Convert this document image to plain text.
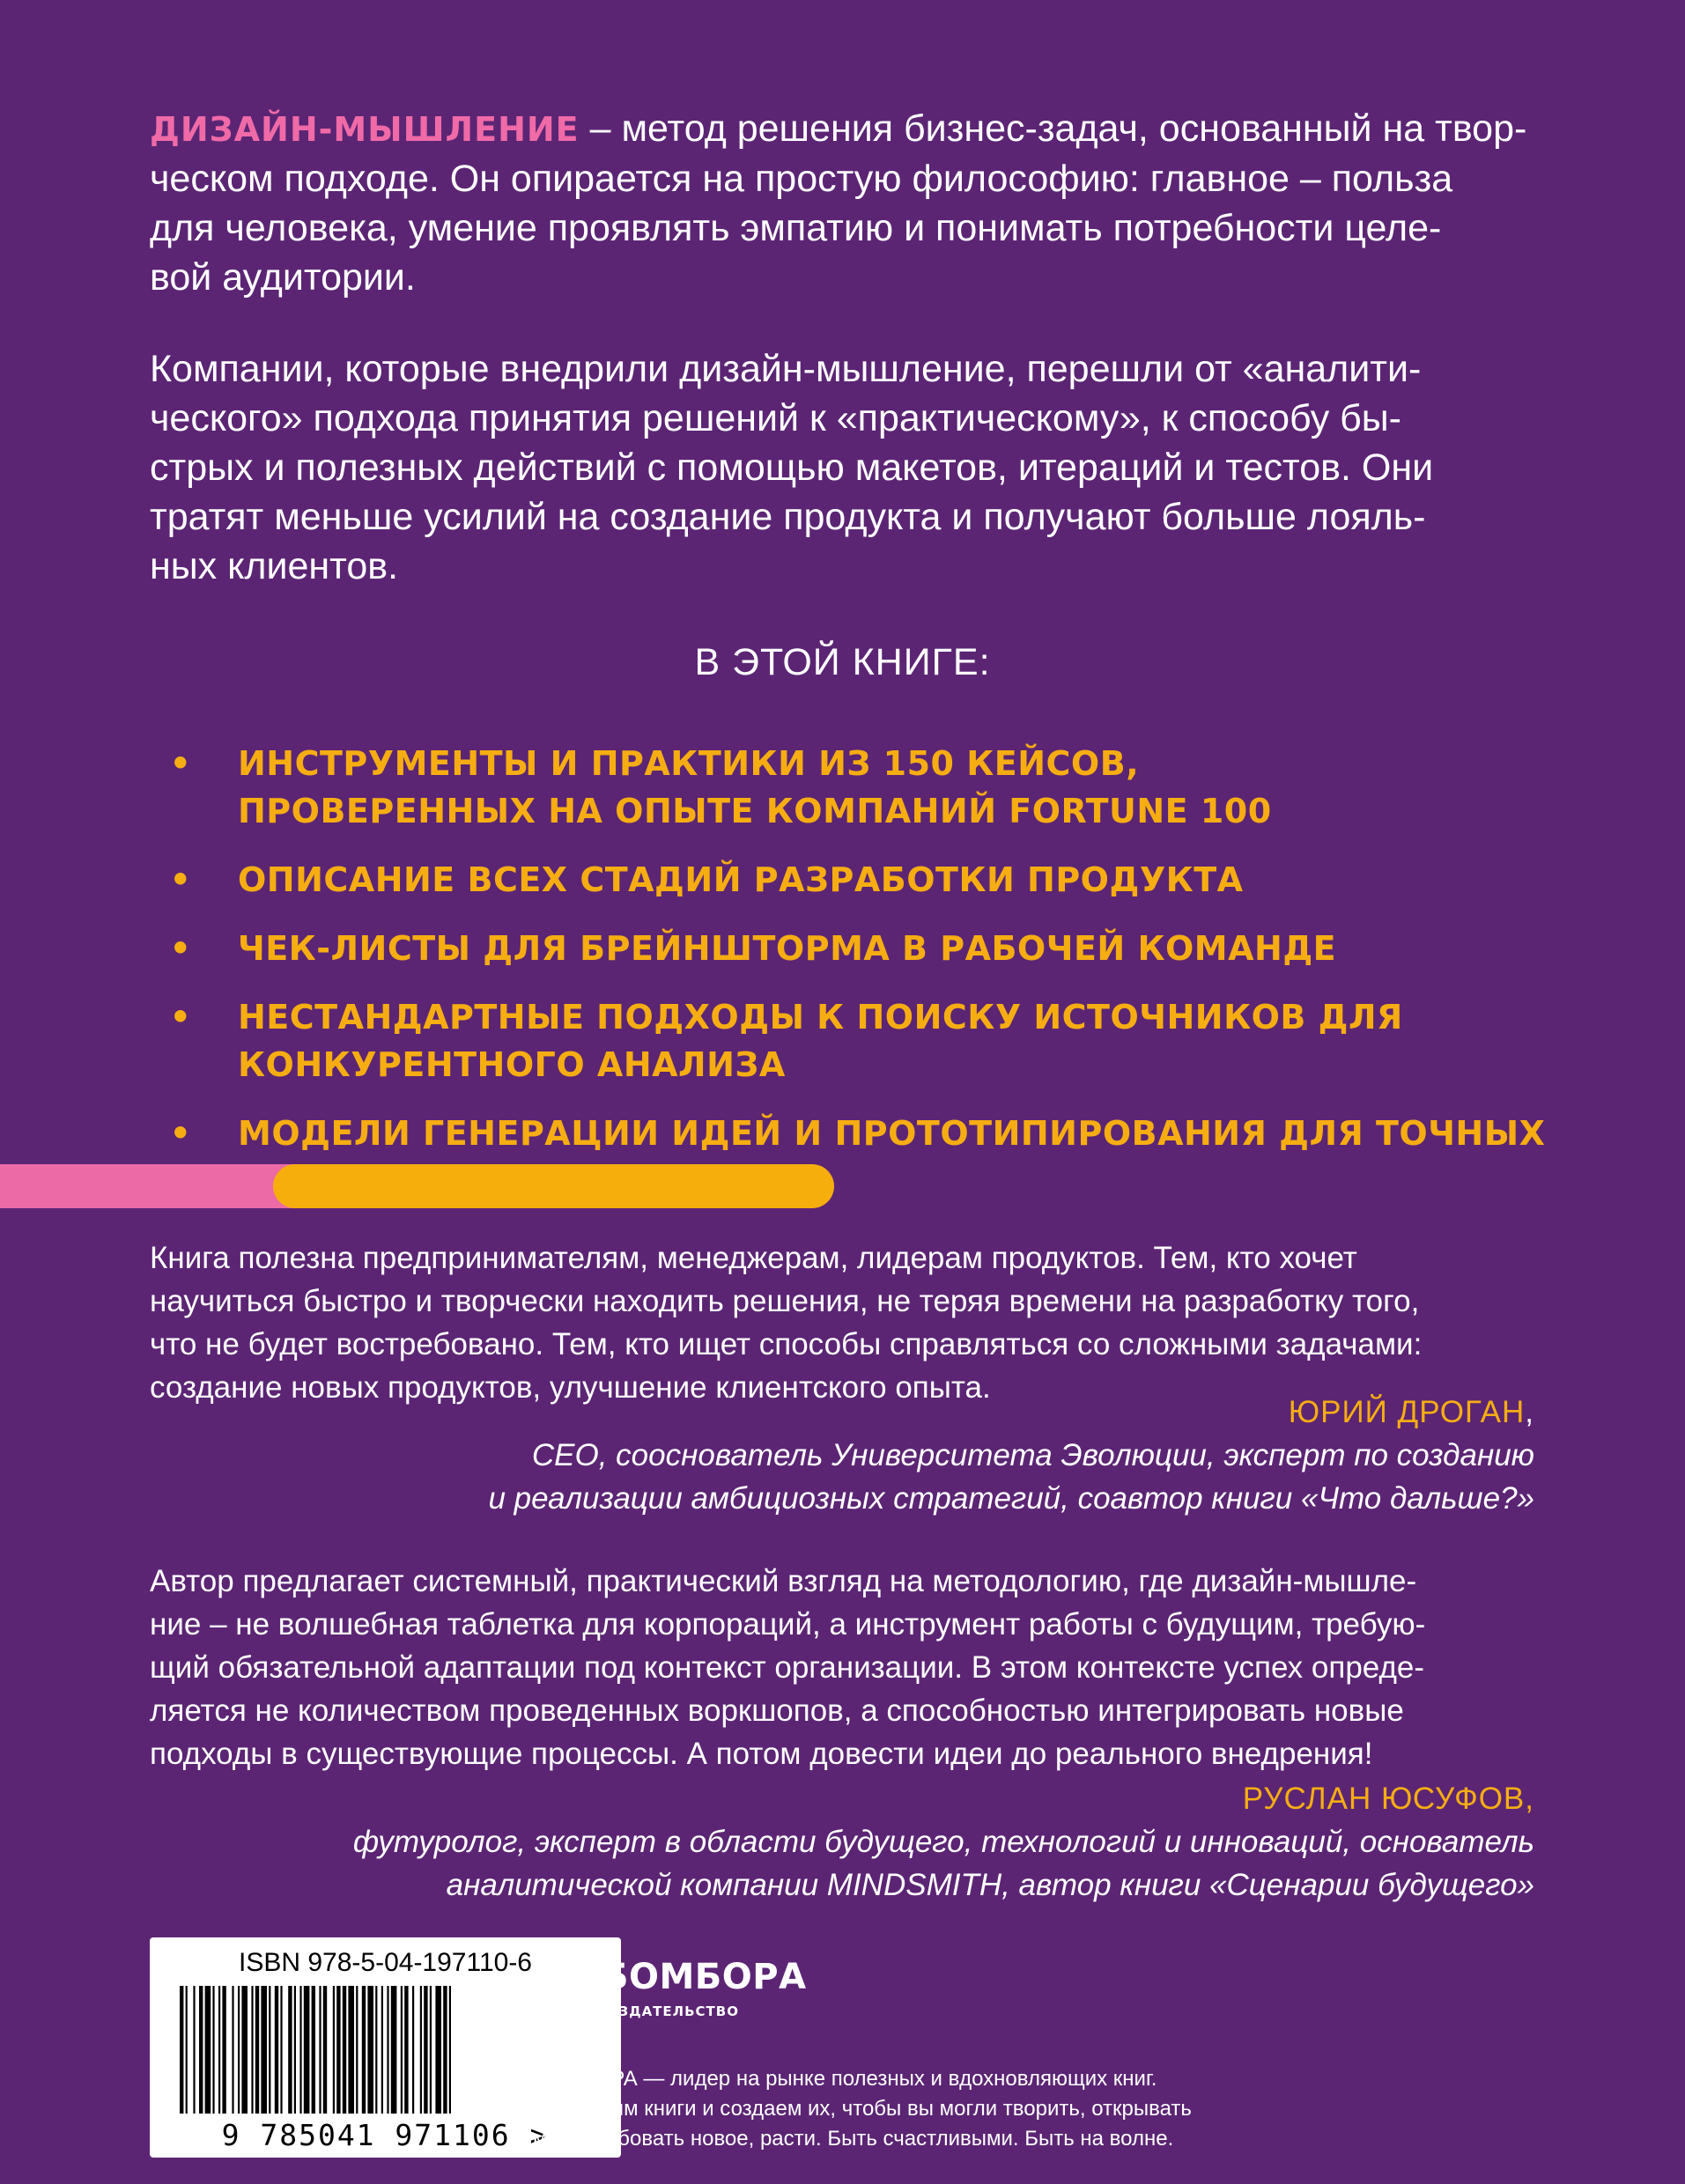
ДИЗАЙН-МЫШЛЕНИЕ – метод решения бизнес-задач, основанный на твор-
ческом подходе. Он опирается на простую философию: главное – польза
для человека, умение проявлять эмпатию и понимать потребности целе-
вой аудитории.

Компании, которые внедрили дизайн-мышление, перешли от «аналити-
ческого» подхода принятия решений к «практическому», к способу бы-
стрых и полезных действий с помощью макетов, итераций и тестов. Они
тратят меньше усилий на создание продукта и получают больше лояль-
ных клиентов.

В ЭТОЙ КНИГЕ:
• ИНСТРУМЕНТЫ И ПРАКТИКИ ИЗ 150 КЕЙСОВ,
ПРОВЕРЕННЫХ НА ОПЫТЕ КОМПАНИЙ FORTUNE 100
• ОПИСАНИЕ ВСЕХ СТАДИЙ РАЗРАБОТКИ ПРОДУКТА
• ЧЕК-ЛИСТЫ ДЛЯ БРЕЙНШТОРМА В РАБОЧЕЙ КОМАНДЕ
• НЕСТАНДАРТНЫЕ ПОДХОДЫ К ПОИСКУ ИСТОЧНИКОВ ДЛЯ КОНКУРЕНТНОГО АНАЛИЗА
• МОДЕЛИ ГЕНЕРАЦИИ ИДЕЙ И ПРОТОТИПИРОВАНИЯ ДЛЯ ТОЧНЫХ

Книга полезна предпринимателям, менеджерам, лидерам продуктов. Тем, кто хочет
научиться быстро и творчески находить решения, не теряя времени на разработку того,
что не будет востребовано. Тем, кто ищет способы справляться со сложными задачами:
создание новых продуктов, улучшение клиентского опыта.

ЮРИЙ ДРОГАН,
CEO, сооснователь Университета Эволюции, эксперт по созданию
и реализации амбициозных стратегий, соавтор книги «Что дальше?»

Автор предлагает системный, практический взгляд на методологию, где дизайн-мышле-
ние – не волшебная таблетка для корпораций, а инструмент работы с будущим, требую-
щий обязательной адаптации под контекст организации. В этом контексте успех опреде-
ляется не количеством проведенных воркшопов, а способностью интегрировать новые
подходы в существующие процессы. А потом довести идеи до реального внедрения!

РУСЛАН ЮСУФОВ,
футуролог, эксперт в области будущего, технологий и инноваций, основатель
аналитической компании MINDSMITH, автор книги «Сценарии будущего»
ISBN 978-5-04-197110-6
9 785041 971106 >
БОМБОРА
ИЗДАТЕЛЬСТВО

БОМБОРА — лидер на рынке полезных и вдохновляющих книг.
Мы любим книги и создаем их, чтобы вы могли творить, открывать
мир, пробовать новое, расти. Быть счастливыми. Быть на волне.
